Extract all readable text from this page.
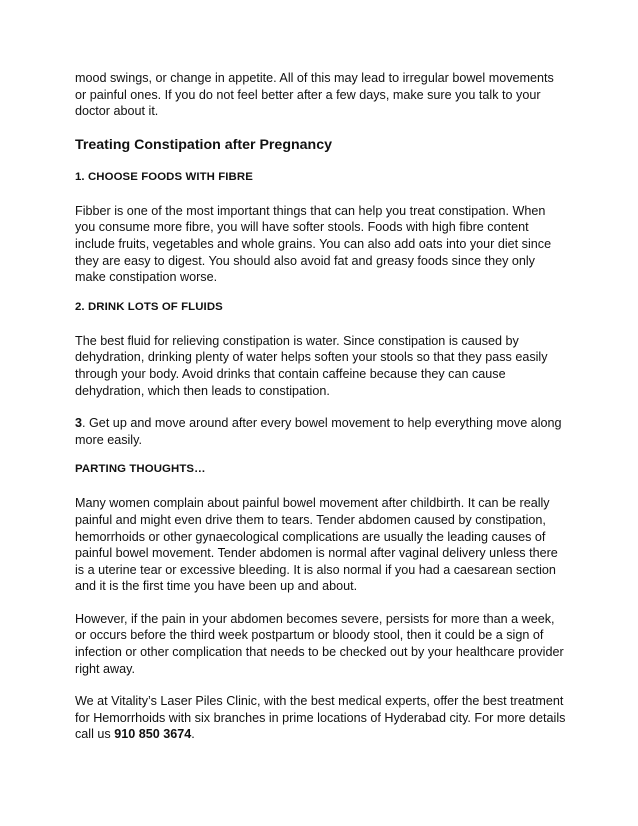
mood swings, or change in appetite. All of this may lead to irregular bowel movements or painful ones. If you do not feel better after a few days, make sure you talk to your doctor about it.

Treating Constipation after Pregnancy

1. CHOOSE FOODS WITH FIBRE

Fibber is one of the most important things that can help you treat constipation. When you consume more fibre, you will have softer stools. Foods with high fibre content include fruits, vegetables and whole grains. You can also add oats into your diet since they are easy to digest. You should also avoid fat and greasy foods since they only make constipation worse.

2. DRINK LOTS OF FLUIDS

The best fluid for relieving constipation is water. Since constipation is caused by dehydration, drinking plenty of water helps soften your stools so that they pass easily through your body. Avoid drinks that contain caffeine because they can cause dehydration, which then leads to constipation.

3. Get up and move around after every bowel movement to help everything move along more easily.

PARTING THOUGHTS…

Many women complain about painful bowel movement after childbirth. It can be really painful and might even drive them to tears. Tender abdomen caused by constipation, hemorrhoids or other gynaecological complications are usually the leading causes of painful bowel movement. Tender abdomen is normal after vaginal delivery unless there is a uterine tear or excessive bleeding. It is also normal if you had a caesarean section and it is the first time you have been up and about.

However, if the pain in your abdomen becomes severe, persists for more than a week, or occurs before the third week postpartum or bloody stool, then it could be a sign of infection or other complication that needs to be checked out by your healthcare provider right away.

We at Vitality’s Laser Piles Clinic, with the best medical experts, offer the best treatment for Hemorrhoids with six branches in prime locations of Hyderabad city. For more details call us 910 850 3674.
